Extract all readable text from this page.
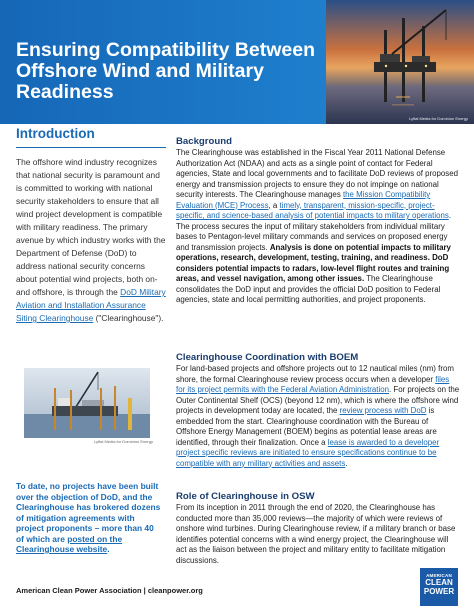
Ensuring Compatibility Between
Offshore Wind and Military
Readiness
Lyftal Media for Dominion Energy
Introduction

The offshore wind industry recognizes that national security is paramount and is committed to working with national security stakeholders to ensure that all wind project development is compatible with military readiness. The primary avenue by which industry works with the Department of Defense (DoD) to address national security concerns about potential wind projects, both on- and offshore, is through the DoD Military Aviation and Installation Assurance Siting Clearinghouse ("Clearinghouse").

Lyftal Media for Dominion Energy

To date, no projects have been built over the objection of DoD, and the Clearinghouse has brokered dozens of mitigation agreements with project proponents – more than 40 of which are posted on the Clearinghouse website.

Background

The Clearinghouse was established in the Fiscal Year 2011 National Defense Authorization Act (NDAA) and acts as a single point of contact for Federal agencies, State and local governments and to facilitate DoD reviews of proposed energy and transmission projects to ensure they do not impinge on national security interests. The Clearinghouse manages the Mission Compatibility Evaluation (MCE) Process, a timely, transparent, mission-specific, project-specific, and science-based analysis of potential impacts to military operations. The process secures the input of military stakeholders from individual military bases to Pentagon-level military commands and services on proposed energy and transmission projects. Analysis is done on potential impacts to military operations, research, development, testing, training, and readiness. DoD considers potential impacts to radars, low-level flight routes and training areas, and vessel navigation, among other issues. The Clearinghouse consolidates the DoD input and provides the official DoD position to Federal agencies, state and local permitting authorities, and project proponents.

Clearinghouse Coordination with BOEM

For land-based projects and offshore projects out to 12 nautical miles (nm) from shore, the formal Clearinghouse review process occurs when a developer files for its project permits with the Federal Aviation Administration. For projects on the Outer Continental Shelf (OCS) (beyond 12 nm), which is where the offshore wind projects in development today are located, the review process with DoD is embedded from the start. Clearinghouse coordination with the Bureau of Offshore Energy Management (BOEM) begins as potential lease areas are identified, through their finalization. Once a lease is awarded to a developer project specific reviews are initiated to ensure specifications continue to be compatible with any military activities and assets.

Role of Clearinghouse in OSW

From its inception in 2011 through the end of 2020, the Clearinghouse has conducted more than 35,000 reviews—the majority of which were reviews of onshore wind turbines. During Clearinghouse review, if a military branch or base identifies potential concerns with a wind energy project, the Clearinghouse will act as the liaison between the project and military entity to facilitate mitigation discussions.

American Clean Power Association | cleanpower.org
AMERICAN
CLEAN
POWER
